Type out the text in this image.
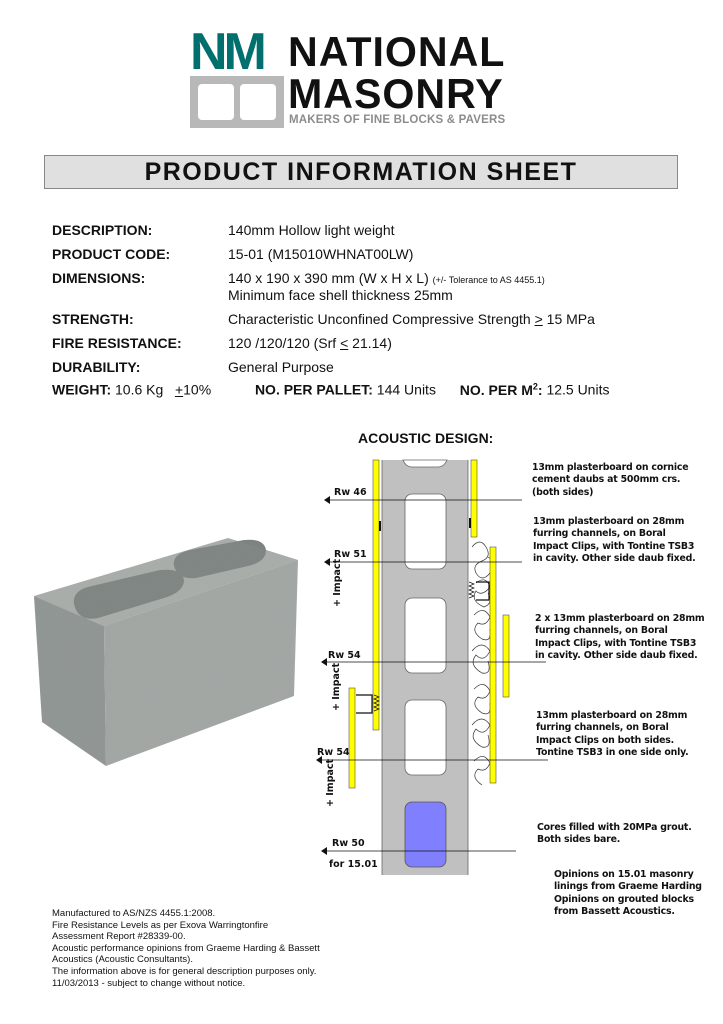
NM NATIONAL
MASONRY
MAKERS OF FINE BLOCKS & PAVERS
PRODUCT INFORMATION SHEET
DESCRIPTION:	140mm Hollow light weight
PRODUCT CODE:	15-01 (M15010WHNAT00LW)
DIMENSIONS:	140 x 190 x 390 mm (W x H x L) (+/- Tolerance to AS 4455.1)
Minimum face shell thickness 25mm
STRENGTH:	Characteristic Unconfined Compressive Strength ≥ 15 MPa
FIRE RESISTANCE:	120 /120/120 (Srf ≤ 21.14)
DURABILITY:	General Purpose
WEIGHT: 10.6 Kg +10%	NO. PER PALLET: 144 Units NO. PER $M^2$: 12.5 Units
ACOUSTIC DESIGN:
Rw 46
Rw 51
Rw 54
Rw 54
Rw 50
for 15.01
+ Impact
+ Impact
+ Impact
13mm plasterboard on cornice
cement daubs at 500mm crs.
(both sides)
13mm plasterboard on 28mm
furring channels, on Boral
Impact Clips, with Tontine TSB3
in cavity. Other side daub fixed.
2 x 13mm plasterboard on 28mm
furring channels, on Boral
Impact Clips, with Tontine TSB3
in cavity. Other side daub fixed.
13mm plasterboard on 28mm
furring channels, on Boral
Impact Clips on both sides.
Tontine TSB3 in one side only.
Cores filled with 20MPa grout.
Both sides bare.
Opinions on 15.01 masonry
linings from Graeme Harding
Opinions on grouted blocks
from Bassett Acoustics.
Manufactured to AS/NZS 4455.1:2008.
Fire Resistance Levels as per Exova Warringtonfire
Assessment Report #28339-00.
Acoustic performance opinions from Graeme Harding & Bassett
Acoustics (Acoustic Consultants).
The information above is for general description purposes only.
11/03/2013 - subject to change without notice.
